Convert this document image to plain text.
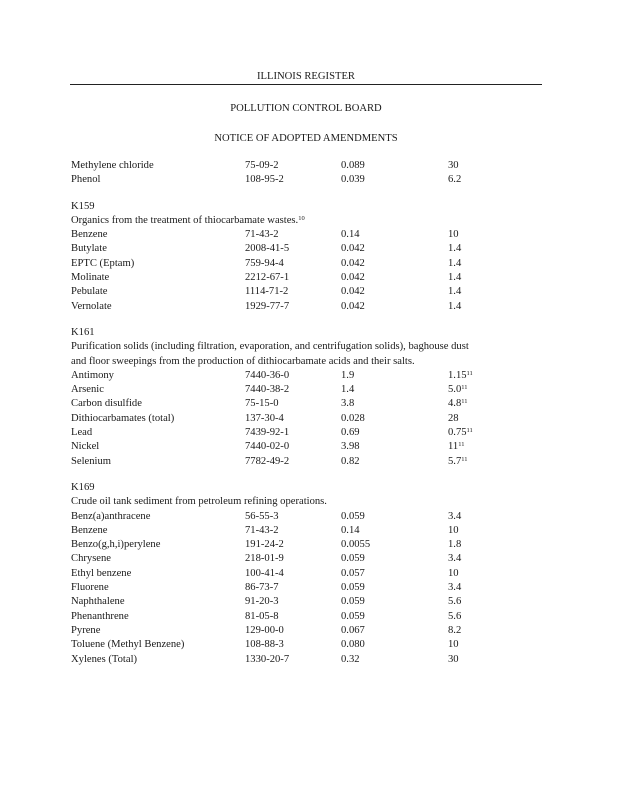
ILLINOIS REGISTER
POLLUTION CONTROL BOARD
NOTICE OF ADOPTED AMENDMENTS
Methylene chloride	75-09-2	0.089	30
Phenol	108-95-2	0.039	6.2
K159
Organics from the treatment of thiocarbamate wastes.$^{10}$
Benzene	71-43-2	0.14	10
Butylate	2008-41-5	0.042	1.4
EPTC (Eptam)	759-94-4	0.042	1.4
Molinate	2212-67-1	0.042	1.4
Pebulate	1114-71-2	0.042	1.4
Vernolate	1929-77-7	0.042	1.4
K161
Purification solids (including filtration, evaporation, and centrifugation solids), baghouse dust
and floor sweepings from the production of dithiocarbamate acids and their salts.
Antimony	7440-36-0	1.9	1.15$^{11}$
Arsenic	7440-38-2	1.4	$5.0^{11}$
Carbon disulfide	75-15-0	3.8	$4.8^{11}$
Dithiocarbamates (total)	137-30-4	0.028	28
Lead	7439-92-1	0.69	0.75$^{11}$
Nickel	7440-02-0	3.98	$11^{11}$
Selenium	7782-49-2	0.82	$5.7^{11}$
K169
Crude oil tank sediment from petroleum refining operations.
Benz(a)anthracene	56-55-3	0.059	3.4
Benzene	71-43-2	0.14	10
Benzo(g,h,i)perylene	191-24-2	0.0055	1.8
Chrysene	218-01-9	0.059	3.4
Ethyl benzene	100-41-4	0.057	10
Fluorene	86-73-7	0.059	3.4
Naphthalene	91-20-3	0.059	5.6
Phenanthrene	81-05-8	0.059	5.6
Pyrene	129-00-0	0.067	8.2
Toluene (Methyl Benzene)	108-88-3	0.080	10
Xylenes (Total)	1330-20-7	0.32	30
